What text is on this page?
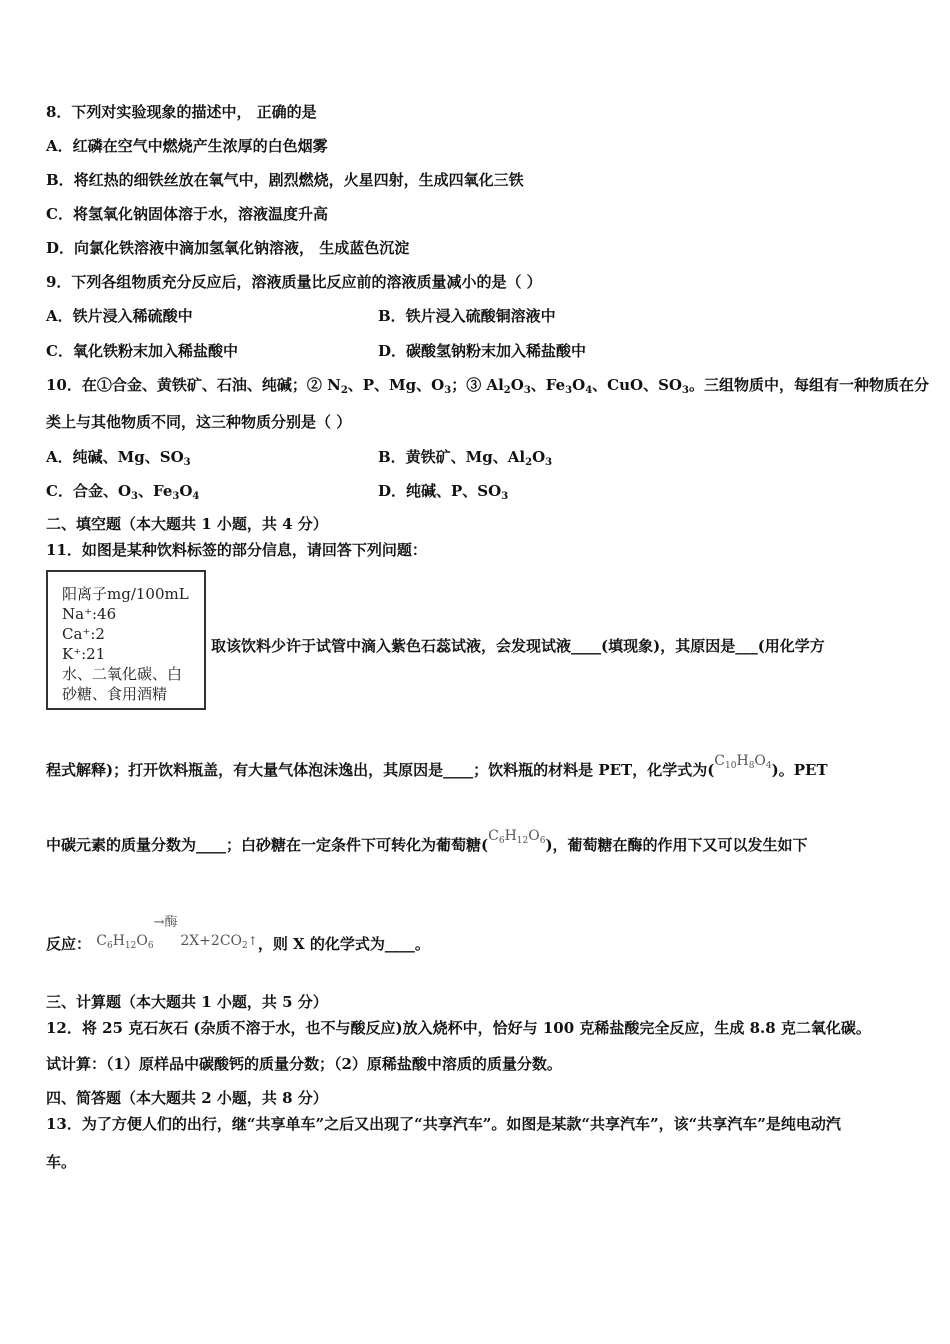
8．下列对实验现象的描述中， 正确的是
A．红磷在空气中燃烧产生浓厚的白色烟雾
B．将红热的细铁丝放在氧气中，剧烈燃烧，火星四射，生成四氧化三铁
C．将氢氧化钠固体溶于水，溶液温度升高
D．向氯化铁溶液中滴加氢氧化钠溶液， 生成蓝色沉淀
9．下列各组物质充分反应后，溶液质量比反应前的溶液质量减小的是（ ）
A．铁片浸入稀硫酸中	B．铁片浸入硫酸铜溶液中
C．氧化铁粉末加入稀盐酸中	D．碳酸氢钠粉末加入稀盐酸中
10．在①合金、黄铁矿、石油、纯碱；② $N_2$、P、Mg、$O_3$；③ $Al_2O_3$、$Fe_3O_4$、CuO、$SO_3$。三组物质中，每组有一种物质在分
类上与其他物质不同，这三种物质分别是（ ）
A．纯碱、Mg、$SO_3$	B．黄铁矿、Mg、$Al_2O_3$
C．合金、$O_3$、$Fe_3O_4$	D．纯碱、P、$SO_3$
二、填空题（本大题共 1 小题，共 4 分）
11．如图是某种饮料标签的部分信息，请回答下列问题：
阳离子mg/100mL
Na⁺:46
Ca⁺:2
K⁺:21
水、二氧化碳、白
砂糖、食用酒精
取该饮料少许于试管中滴入紫色石蕊试液，会发现试液____(填现象)，其原因是___(用化学方
程式解释)；打开饮料瓶盖，有大量气体泡沫逸出，其原因是____；饮料瓶的材料是 PET，化学式为$(C_{10}H_8O_4)$。PET
中碳元素的质量分数为____；白砂糖在一定条件下可转化为葡萄糖$(C_6H_{12}O_6)$，葡萄糖在酶的作用下又可以发生如下
反应： $C_6H_{12}O_6$
→酶
$2X+2CO_2↑$，则 X 的化学式为____。
三、计算题（本大题共 1 小题，共 5 分）
12．将 25 克石灰石 (杂质不溶于水，也不与酸反应)放入烧杯中，恰好与 100 克稀盐酸完全反应，生成 8.8 克二氧化碳。
试计算：（1）原样品中碳酸钙的质量分数；（2）原稀盐酸中溶质的质量分数。
四、简答题（本大题共 2 小题，共 8 分）
13．为了方便人们的出行，继“共享单车”之后又出现了“共享汽车”。如图是某款“共享汽车”，该“共享汽车”是纯电动汽
车。
